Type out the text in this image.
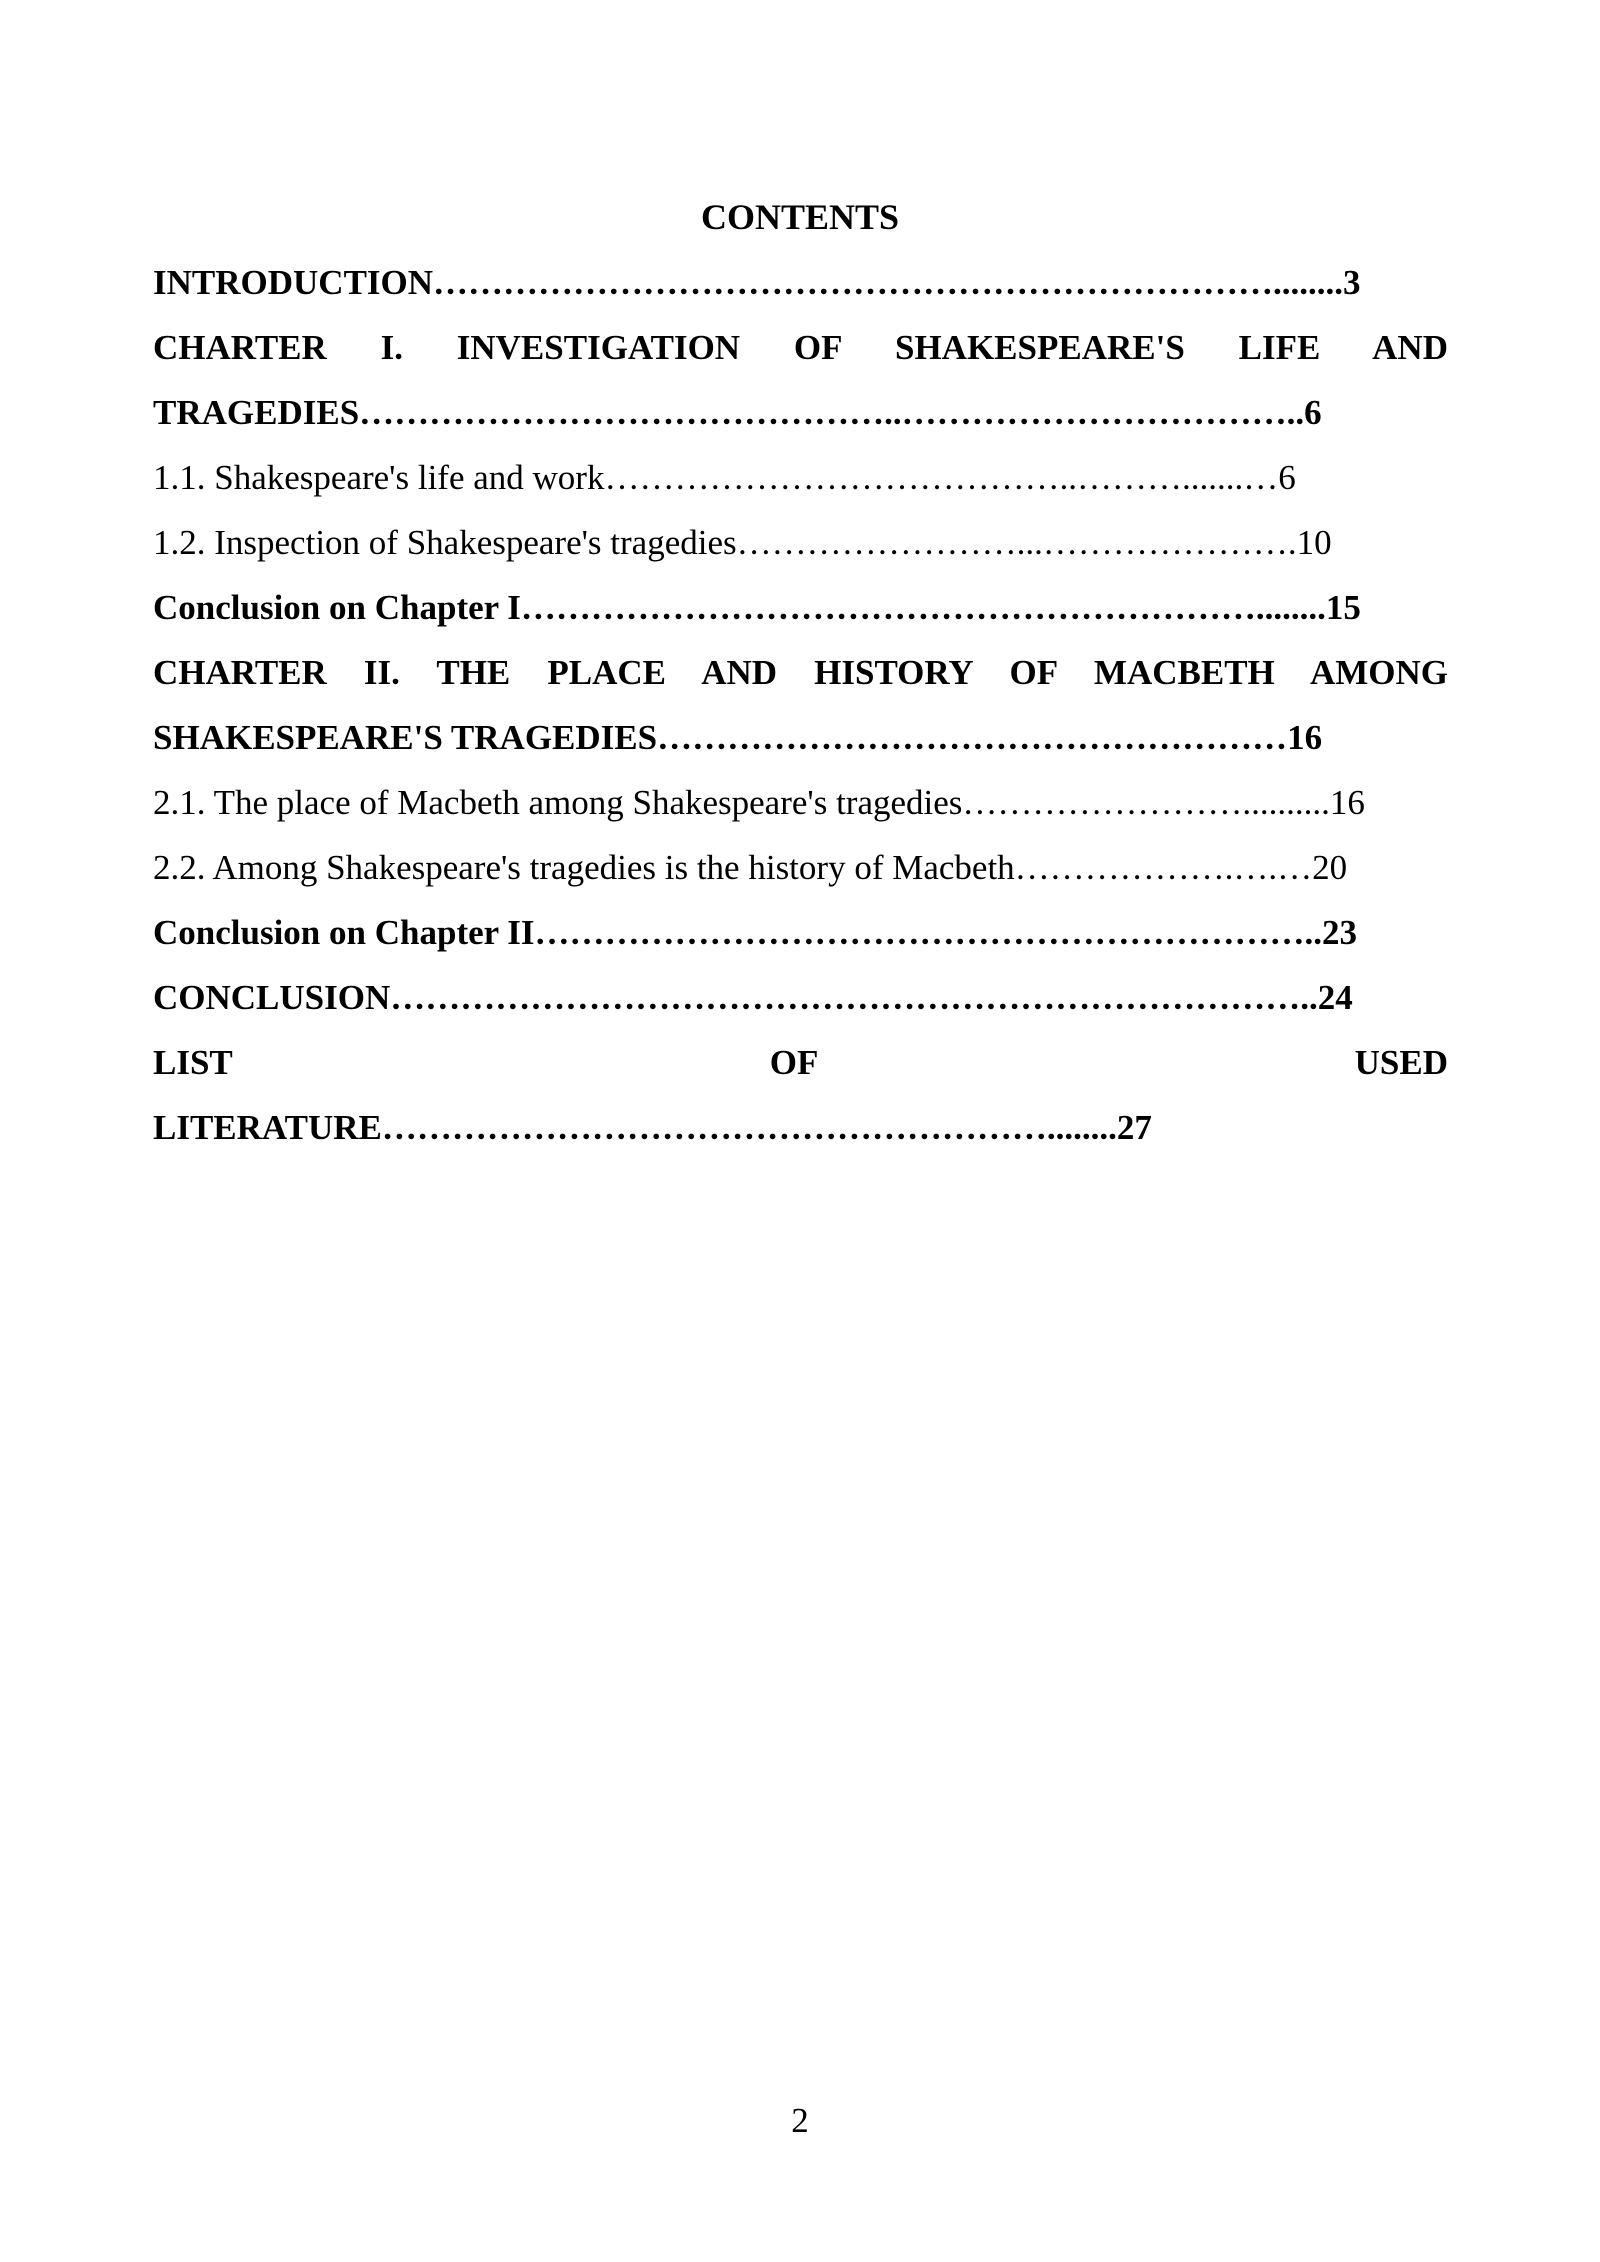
CONTENTS
INTRODUCTION………………………………………………………………........3
CHARTER I. INVESTIGATION OF SHAKESPEARE'S LIFE AND
TRAGEDIES………………………………………..……………………………..6
1.1. Shakespeare's life and work…………………………………..……….......…6
1.2. Inspection of Shakespeare's tragedies……………………...………………….10
Conclusion on Chapter I………………………………………………………........15
CHARTER II. THE PLACE AND HISTORY OF MACBETH AMONG
SHAKESPEARE'S TRAGEDIES………………………………………………16
2.1. The place of Macbeth among Shakespeare's tragedies……………………..........16
2.2. Among Shakespeare's tragedies is the history of Macbeth……………….….…20
Conclusion on Chapter II…………………………………………………………..23
CONCLUSION……………………………………………………………………..24
LIST OF USED
LITERATURE…………………………………………………........27
2
